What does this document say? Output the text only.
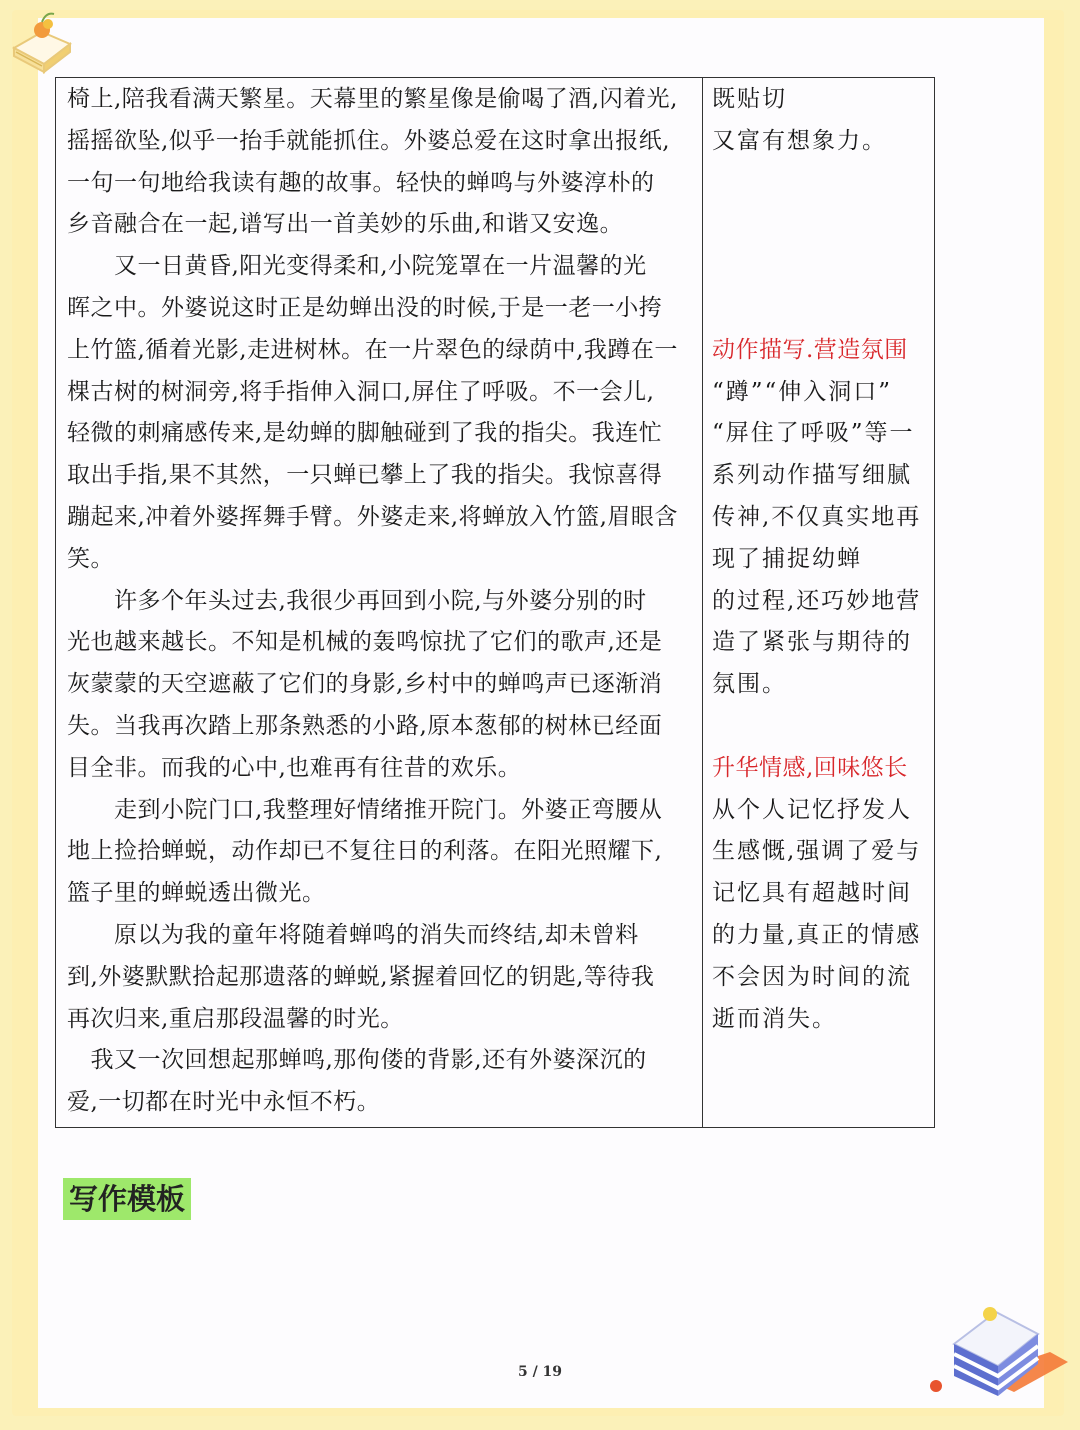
椅上,陪我看满天繁星。天幕里的繁星像是偷喝了酒,闪着光,
摇摇欲坠,似乎一抬手就能抓住。外婆总爱在这时拿出报纸,
一句一句地给我读有趣的故事。轻快的蝉鸣与外婆淳朴的
乡音融合在一起,谱写出一首美妙的乐曲,和谐又安逸。
　　又一日黄昏,阳光变得柔和,小院笼罩在一片温馨的光
晖之中。外婆说这时正是幼蝉出没的时候,于是一老一小挎
上竹篮,循着光影,走进树林。在一片翠色的绿荫中,我蹲在一
棵古树的树洞旁,将手指伸入洞口,屏住了呼吸。不一会儿,
轻微的刺痛感传来,是幼蝉的脚触碰到了我的指尖。我连忙
取出手指,果不其然，一只蝉已攀上了我的指尖。我惊喜得
蹦起来,冲着外婆挥舞手臂。外婆走来,将蝉放入竹篮,眉眼含
笑。
　　许多个年头过去,我很少再回到小院,与外婆分别的时
光也越来越长。不知是机械的轰鸣惊扰了它们的歌声,还是
灰蒙蒙的天空遮蔽了它们的身影,乡村中的蝉鸣声已逐渐消
失。当我再次踏上那条熟悉的小路,原本葱郁的树林已经面
目全非。而我的心中,也难再有往昔的欢乐。
　　走到小院门口,我整理好情绪推开院门。外婆正弯腰从
地上捡拾蝉蜕，动作却已不复往日的利落。在阳光照耀下,
篮子里的蝉蜕透出微光。
　　原以为我的童年将随着蝉鸣的消失而终结,却未曾料
到,外婆默默拾起那遗落的蝉蜕,紧握着回忆的钥匙,等待我
再次归来,重启那段温馨的时光。
　我又一次回想起那蝉鸣,那佝偻的背影,还有外婆深沉的
爱,一切都在时光中永恒不朽。
既贴切
又富有想象力。
动作描写.营造氛围
“蹲”“伸入洞口”
“屏住了呼吸”等一
系列动作描写细腻
传神,不仅真实地再
现了捕捉幼蝉
的过程,还巧妙地营
造了紧张与期待的
氛围。
升华情感,回味悠长
从个人记忆抒发人
生感慨,强调了爱与
记忆具有超越时间
的力量,真正的情感
不会因为时间的流
逝而消失。
写作模板
5 / 19
